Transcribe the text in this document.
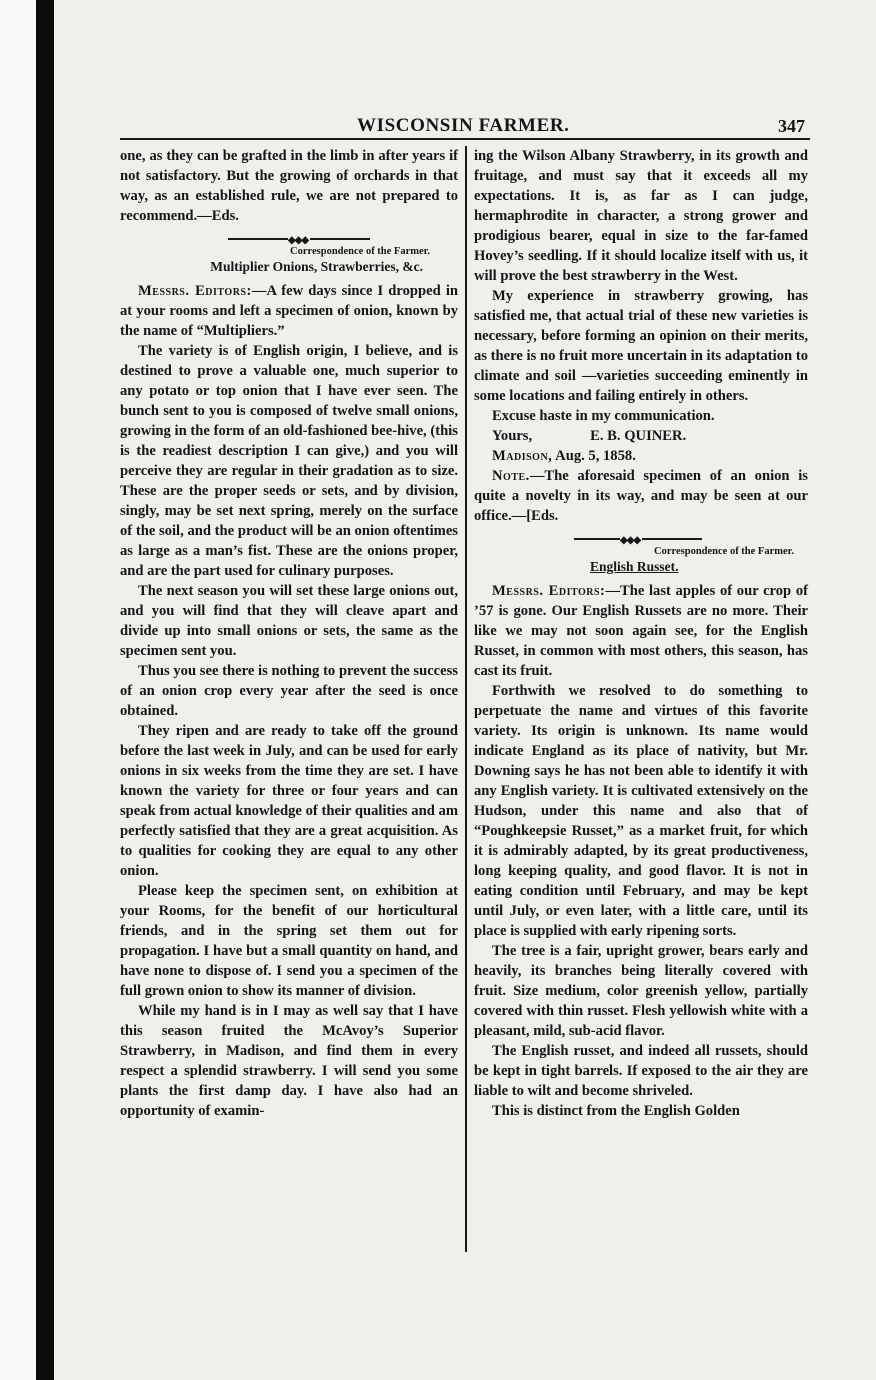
WISCONSIN FARMER.	347

one, as they can be grafted in the limb in after years if not satisfactory. But the growing of orchards in that way, as an established rule, we are not prepared to recommend.—Eds.

◆◆◆
Correspondence of the Farmer.
Multiplier Onions, Strawberries, &c.

Messrs. Editors:—A few days since I dropped in at your rooms and left a specimen of onion, known by the name of “Multipliers.”

The variety is of English origin, I believe, and is destined to prove a valuable one, much superior to any potato or top onion that I have ever seen. The bunch sent to you is composed of twelve small onions, growing in the form of an old-fashioned bee-hive, (this is the readiest description I can give,) and you will perceive they are regular in their gradation as to size. These are the proper seeds or sets, and by division, singly, may be set next spring, merely on the surface of the soil, and the product will be an onion oftentimes as large as a man’s fist. These are the onions proper, and are the part used for culinary purposes.

The next season you will set these large onions out, and you will find that they will cleave apart and divide up into small onions or sets, the same as the specimen sent you.

Thus you see there is nothing to prevent the success of an onion crop every year after the seed is once obtained.

They ripen and are ready to take off the ground before the last week in July, and can be used for early onions in six weeks from the time they are set. I have known the variety for three or four years and can speak from actual knowledge of their qualities and am perfectly satisfied that they are a great acquisition. As to qualities for cooking they are equal to any other onion.

Please keep the specimen sent, on exhibition at your Rooms, for the benefit of our horticultural friends, and in the spring set them out for propagation. I have but a small quantity on hand, and have none to dispose of. I send you a specimen of the full grown onion to show its manner of division.

While my hand is in I may as well say that I have this season fruited the McAvoy’s Superior Strawberry, in Madison, and find them in every respect a splendid strawberry. I will send you some plants the first damp day. I have also had an opportunity of examin-

ing the Wilson Albany Strawberry, in its growth and fruitage, and must say that it exceeds all my expectations. It is, as far as I can judge, hermaphrodite in character, a strong grower and prodigious bearer, equal in size to the far-famed Hovey’s seedling. If it should localize itself with us, it will prove the best strawberry in the West.

My experience in strawberry growing, has satisfied me, that actual trial of these new varieties is necessary, before forming an opinion on their merits, as there is no fruit more uncertain in its adaptation to climate and soil —varieties succeeding eminently in some locations and failing entirely in others.

Excuse haste in my communication.

Yours,	E. B. QUINER.

Madison, Aug. 5, 1858.

Note.—The aforesaid specimen of an onion is quite a novelty in its way, and may be seen at our office.—[Eds.

◆◆◆
Correspondence of the Farmer.
English Russet.

Messrs. Editors:—The last apples of our crop of ’57 is gone. Our English Russets are no more. Their like we may not soon again see, for the English Russet, in common with most others, this season, has cast its fruit.

Forthwith we resolved to do something to perpetuate the name and virtues of this favorite variety. Its origin is unknown. Its name would indicate England as its place of nativity, but Mr. Downing says he has not been able to identify it with any English variety. It is cultivated extensively on the Hudson, under this name and also that of “Poughkeepsie Russet,” as a market fruit, for which it is admirably adapted, by its great productiveness, long keeping quality, and good flavor. It is not in eating condition until February, and may be kept until July, or even later, with a little care, until its place is supplied with early ripening sorts.

The tree is a fair, upright grower, bears early and heavily, its branches being literally covered with fruit. Size medium, color greenish yellow, partially covered with thin russet. Flesh yellowish white with a pleasant, mild, sub-acid flavor.

The English russet, and indeed all russets, should be kept in tight barrels. If exposed to the air they are liable to wilt and become shriveled.

This is distinct from the English Golden
